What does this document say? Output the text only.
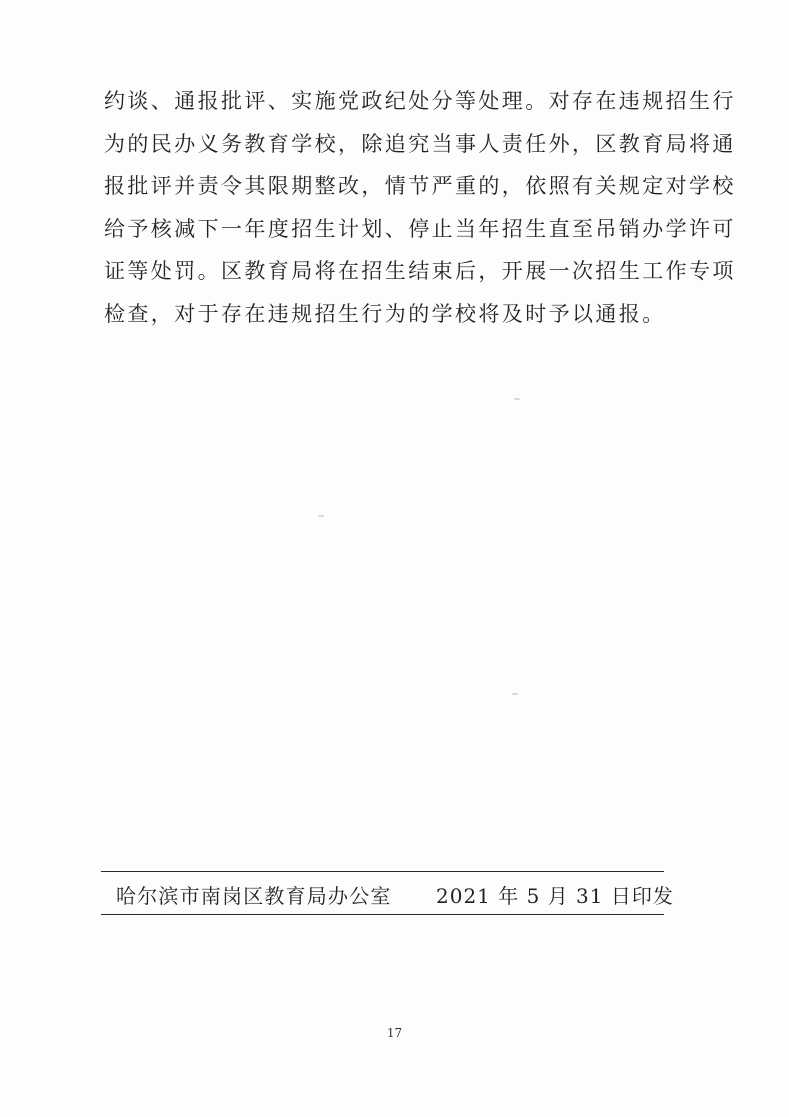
约谈、通报批评、实施党政纪处分等处理。对存在违规招生行
为的民办义务教育学校，除追究当事人责任外，区教育局将通
报批评并责令其限期整改，情节严重的，依照有关规定对学校
给予核减下一年度招生计划、停止当年招生直至吊销办学许可
证等处罚。区教育局将在招生结束后，开展一次招生工作专项
检查，对于存在违规招生行为的学校将及时予以通报。
哈尔滨市南岗区教育局办公室 2021 年 5 月 31 日印发
17
